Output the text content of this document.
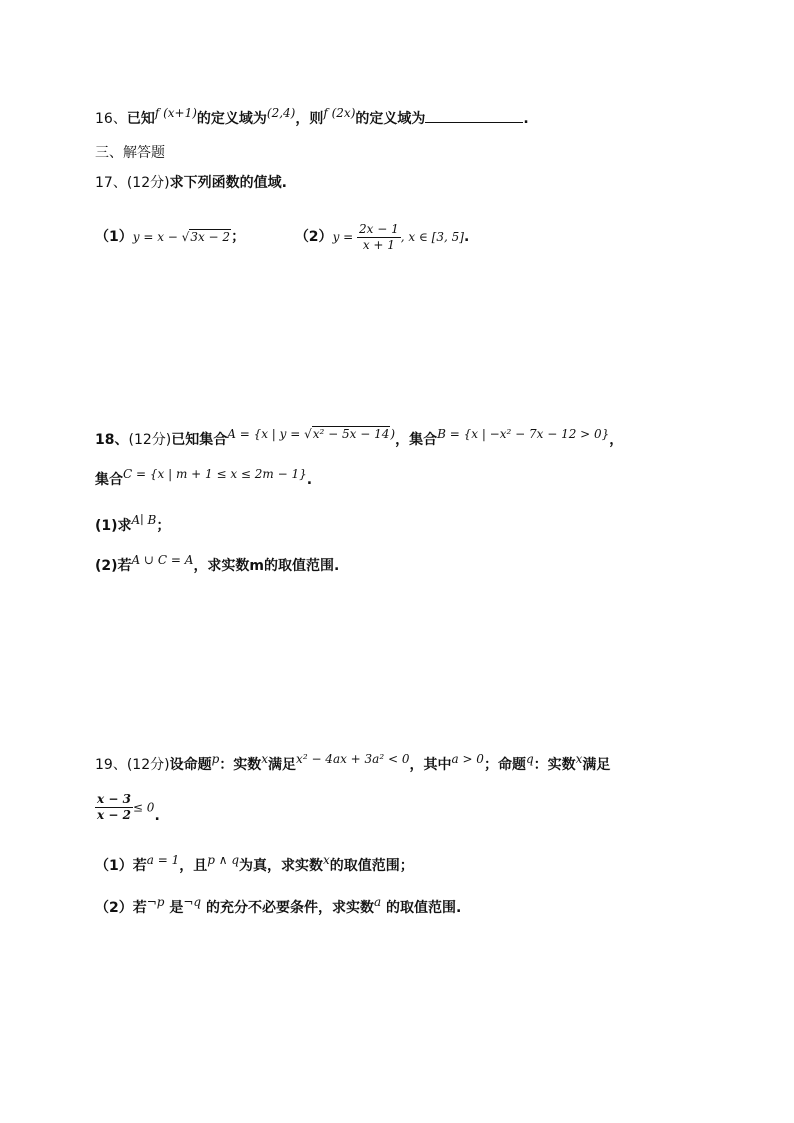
16、已知f (x+1)的定义域为(2,4)，则f (2x)的定义域为	.
三、解答题
17、(12分)求下列函数的值域.
（1）y = x − √3x − 2；	$(2)y = \frac{2x - 1}{x + 1}$ , x ∈ [3, 5].
18、(12分)已知集合A = {x | y = √x² − 5x − 14)，集合B = {x | −x² − 7x − 12 > 0}，
集合C = {x | m + 1 ≤ x ≤ 2m − 1}.
(1)求A∣ B；
(2)若A ∪ C = A，求实数m的取值范围.
19、(12分)设命题p：实数x满足x² − 4ax + 3a² < 0，其中a > 0；命题q：实数x满足
$\frac{x - 3}{x - 2} \le 0$.
（1）若a = 1，且p ∧ q为真，求实数x的取值范围；
（2）若¬p 是¬q 的充分不必要条件，求实数a 的取值范围.
